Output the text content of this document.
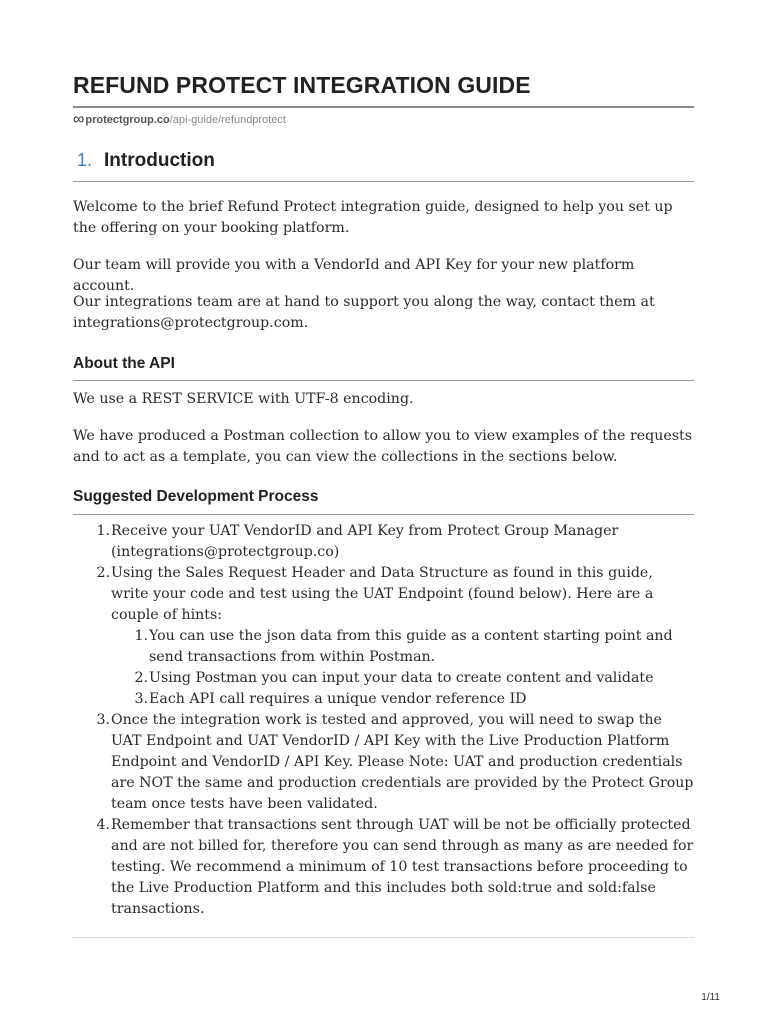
REFUND PROTECT INTEGRATION GUIDE
∞ protectgroup.co /api-guide/refundprotect
1. Introduction

Welcome to the brief Refund Protect integration guide, designed to help you set up the offering on your booking platform.

Our team will provide you with a VendorId and API Key for your new platform account.

Our integrations team are at hand to support you along the way, contact them at integrations@protectgroup.com.

About the API

We use a REST SERVICE with UTF-8 encoding.

We have produced a Postman collection to allow you to view examples of the requests and to act as a template, you can view the collections in the sections below.

Suggested Development Process
1. Receive your UAT VendorID and API Key from Protect Group Manager (integrations@protectgroup.co)
2. Using the Sales Request Header and Data Structure as found in this guide, write your code and test using the UAT Endpoint (found below). Here are a couple of hints:
1. You can use the json data from this guide as a content starting point and send transactions from within Postman.
2. Using Postman you can input your data to create content and validate
3. Each API call requires a unique vendor reference ID
3. Once the integration work is tested and approved, you will need to swap the UAT Endpoint and UAT VendorID / API Key with the Live Production Platform Endpoint and VendorID / API Key. Please Note: UAT and production credentials are NOT the same and production credentials are provided by the Protect Group team once tests have been validated.
4. Remember that transactions sent through UAT will be not be officially protected and are not billed for, therefore you can send through as many as are needed for testing. We recommend a minimum of 10 test transactions before proceeding to the Live Production Platform and this includes both sold:true and sold:false transactions.
1/11
